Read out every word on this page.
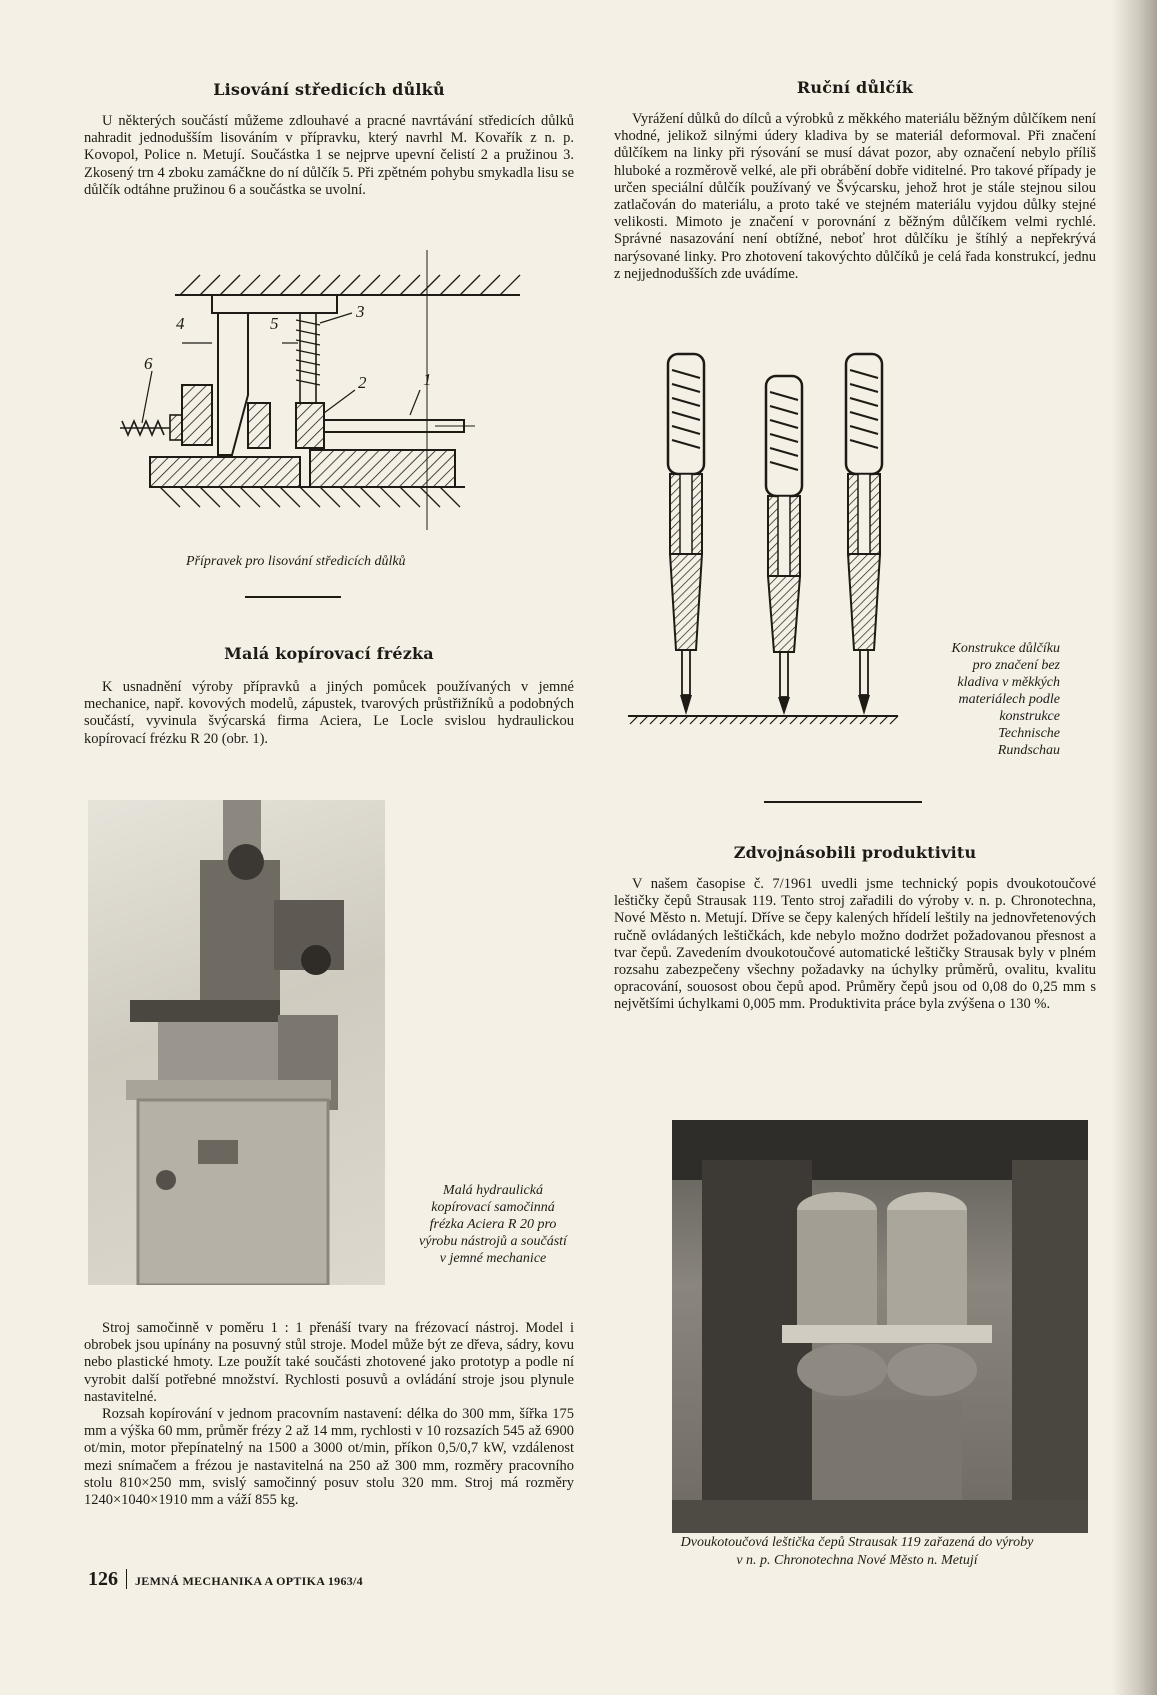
Lisování středicích důlků

U některých součástí můžeme zdlouhavé a pracné navrtávání středicích důlků nahradit jednodušším lisováním v přípravku, který navrhl M. Kovařík z n. p. Kovopol, Police n. Metují. Součástka 1 se nejprve upevní čelistí 2 a pružinou 3. Zkosený trn 4 zboku zamáčkne do ní důlčík 5. Při zpětném pohybu smykadla lisu se důlčík odtáhne pružinou 6 a součástka se uvolní.

1
2
3
4	5
6
Přípravek pro lisování středicích důlků
Malá kopírovací frézka

K usnadnění výroby přípravků a jiných pomůcek používaných v jemné mechanice, např. kovových modelů, zápustek, tvarových průstřižníků a podobných součástí, vyvinula švýcarská firma Aciera, Le Locle svislou hydraulickou kopírovací frézku R 20 (obr. 1).

Malá hydraulická kopírovací samočinná frézka Aciera R 20 pro výrobu nástrojů a součástí v jemné mechanice

Stroj samočinně v poměru 1 : 1 přenáší tvary na frézovací nástroj. Model i obrobek jsou upínány na posuvný stůl stroje. Model může být ze dřeva, sádry, kovu nebo plastické hmoty. Lze použít také součásti zhotovené jako prototyp a podle ní vyrobit další potřebné množství. Rychlosti posuvů a ovládání stroje jsou plynule nastavitelné.

Rozsah kopírování v jednom pracovním nastavení: délka do 300 mm, šířka 175 mm a výška 60 mm, průměr frézy 2 až 14 mm, rychlosti v 10 rozsazích 545 až 6900 ot/min, motor přepínatelný na 1500 a 3000 ot/min, příkon 0,5/0,7 kW, vzdálenost mezi snímačem a frézou je nastavitelná na 250 až 300 mm, rozměry pracovního stolu 810×250 mm, svislý samočinný posuv stolu 320 mm. Stroj má rozměry 1240×1040×1910 mm a váží 855 kg.

Ruční důlčík

Vyrážení důlků do dílců a výrobků z měkkého materiálu běžným důlčíkem není vhodné, jelikož silnými údery kladiva by se materiál deformoval. Při značení důlčíkem na linky při rýsování se musí dávat pozor, aby označení nebylo příliš hluboké a rozměrově velké, ale při obrábění dobře viditelné. Pro takové případy je určen speciální důlčík používaný ve Švýcarsku, jehož hrot je stále stejnou silou zatlačován do materiálu, a proto také ve stejném materiálu vyjdou důlky stejné velikosti. Mimoto je značení v porovnání z běžným důlčíkem velmi rychlé. Správné nasazování není obtížné, neboť hrot důlčíku je štíhlý a nepřekrývá narýsované linky. Pro zhotovení takovýchto důlčíků je celá řada konstrukcí, jednu z nejjednodušších zde uvádíme.

Konstrukce důlčíku pro značení bez kladiva v měkkých materiálech podle konstrukce Technische Rundschau
Zdvojnásobili produktivitu

V našem časopise č. 7/1961 uvedli jsme technický popis dvoukotoučové leštičky čepů Strausak 119. Tento stroj zařadili do výroby v. n. p. Chronotechna, Nové Město n. Metují. Dříve se čepy kalených hřídelí leštily na jednovřetenových ručně ovládaných leštičkách, kde nebylo možno dodržet požadovanou přesnost a tvar čepů. Zavedením dvoukotoučové automatické leštičky Strausak byly v plném rozsahu zabezpečeny všechny požadavky na úchylky průměrů, ovalitu, kvalitu opracování, souosost obou čepů apod. Průměry čepů jsou od 0,08 do 0,25 mm s největšími úchylkami 0,005 mm. Produktivita práce byla zvýšena o 130 %.

Dvoukotoučová leštička čepů Strausak 119 zařazená do výroby
v n. p. Chronotechna Nové Město n. Metují
126 JEMNÁ MECHANIKA A OPTIKA 1963/4
